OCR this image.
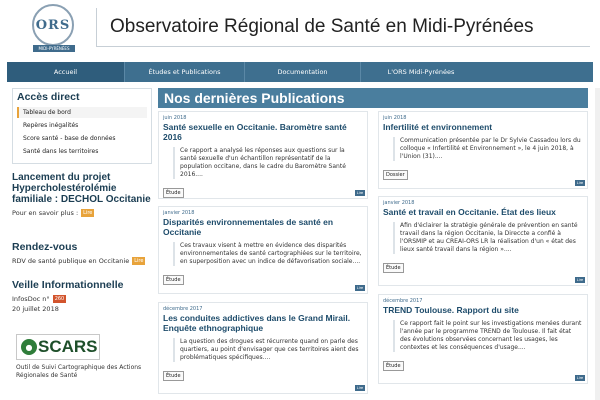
ORS
MIDI-PYRÉNÉES
Observatoire Régional de Santé en Midi-Pyrénées
Accueil	Études et Publications	Documentation	L'ORS Midi-Pyrénées
Accès direct
Tableau de bord
Repères inégalités
Score santé - base de données
Santé dans les territoires
Lancement du projet Hypercholestérolémie familiale : DECHOL Occitanie
Pour en savoir plus :	Lire
Rendez-vous
RDV de santé publique en Occitanie	Lire
Veille Informationnelle
InfosDoc n°	260
20 juillet 2018
● SCARS
Outil de Suivi Cartographique des Actions Régionales de Santé
Nos dernières Publications
juin 2018
Santé sexuelle en Occitanie. Baromètre santé 2016
Ce rapport a analysé les réponses aux questions sur la santé sexuelle d'un échantillon représentatif de la population occitane, dans le cadre du Baromètre Santé 2016....
Étude	Lire
janvier 2018
Disparités environnementales de santé en Occitanie
Ces travaux visent à mettre en évidence des disparités environnementales de santé cartographiées sur le territoire, en superposition avec un indice de défavorisation sociale....
Étude
Lire
décembre 2017
Les conduites addictives dans le Grand Mirail. Enquête ethnographique
La question des drogues est récurrente quand on parle des quartiers, au point d'envisager que ces territoires aient des problématiques spécifiques....
Étude
Lire
juin 2018
Infertilité et environnement
Communication présentée par le Dr Sylvie Cassadou lors du colloque « Infertilité et Environnement », le 4 juin 2018, à l'Union (31)....
Dossier
Lire
janvier 2018
Santé et travail en Occitanie. État des lieux
Afin d'éclairer la stratégie générale de prévention en santé travail dans la région Occitanie, la Direccte a confié à l'ORSMIP et au CREAI-ORS LR la réalisation d'un « état des lieux santé travail dans la région »....
Étude
Lire
décembre 2017
TREND Toulouse. Rapport du site
Ce rapport fait le point sur les investigations menées durant l'année par le programme TREND de Toulouse. Il fait état des évolutions observées concernant les usages, les contextes et les conséquences d'usage....
Étude
Lire
